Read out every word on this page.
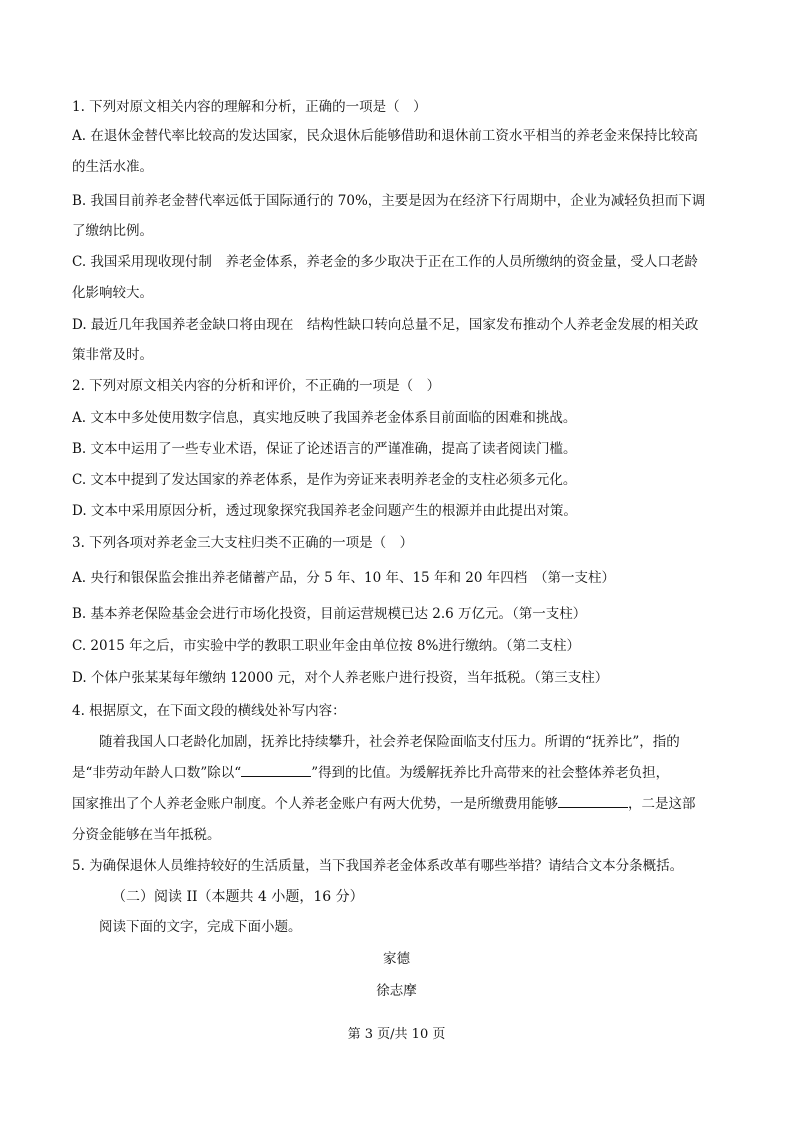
1. 下列对原文相关内容的理解和分析，正确的一项是（　）
A. 在退休金替代率比较高的发达国家，民众退休后能够借助和退休前工资水平相当的养老金来保持比较高
的生活水准。
B. 我国目前养老金替代率远低于国际通行的 70%，主要是因为在经济下行周期中，企业为减轻负担而下调
了缴纳比例。
C. 我国采用现收现付制　养老金体系，养老金的多少取决于正在工作的人员所缴纳的资金量，受人口老龄
化影响较大。
D. 最近几年我国养老金缺口将由现在　结构性缺口转向总量不足，国家发布推动个人养老金发展的相关政
策非常及时。
2. 下列对原文相关内容的分析和评价，不正确的一项是（　）
A. 文本中多处使用数字信息，真实地反映了我国养老金体系目前面临的困难和挑战。
B. 文本中运用了一些专业术语，保证了论述语言的严谨准确，提高了读者阅读门槛。
C. 文本中提到了发达国家的养老体系，是作为旁证来表明养老金的支柱必须多元化。
D. 文本中采用原因分析，透过现象探究我国养老金问题产生的根源并由此提出对策。
3. 下列各项对养老金三大支柱归类不正确的一项是（　）
A. 央行和银保监会推出养老储蓄产品，分 5 年、10 年、15 年和 20 年四档　（第一支柱）
B. 基本养老保险基金会进行市场化投资，目前运营规模已达 2.6 万亿元。（第一支柱）
C. 2015 年之后，市实验中学的教职工职业年金由单位按 8%进行缴纳。（第二支柱）
D. 个体户张某某每年缴纳 12000 元，对个人养老账户进行投资，当年抵税。（第三支柱）
4. 根据原文，在下面文段的横线处补写内容：
随着我国人口老龄化加剧，抚养比持续攀升，社会养老保险面临支付压力。所谓的“抚养比”，指的
是“非劳动年龄人口数”除以“	”得到的比值。为缓解抚养比升高带来的社会整体养老负担，
国家推出了个人养老金账户制度。个人养老金账户有两大优势，一是所缴费用能够	，二是这部
分资金能够在当年抵税。
5. 为确保退休人员维持较好的生活质量，当下我国养老金体系改革有哪些举措？请结合文本分条概括。
（二）阅读 II（本题共 4 小题，16 分）
阅读下面的文字，完成下面小题。
家德
徐志摩
第 3 页/共 10 页
